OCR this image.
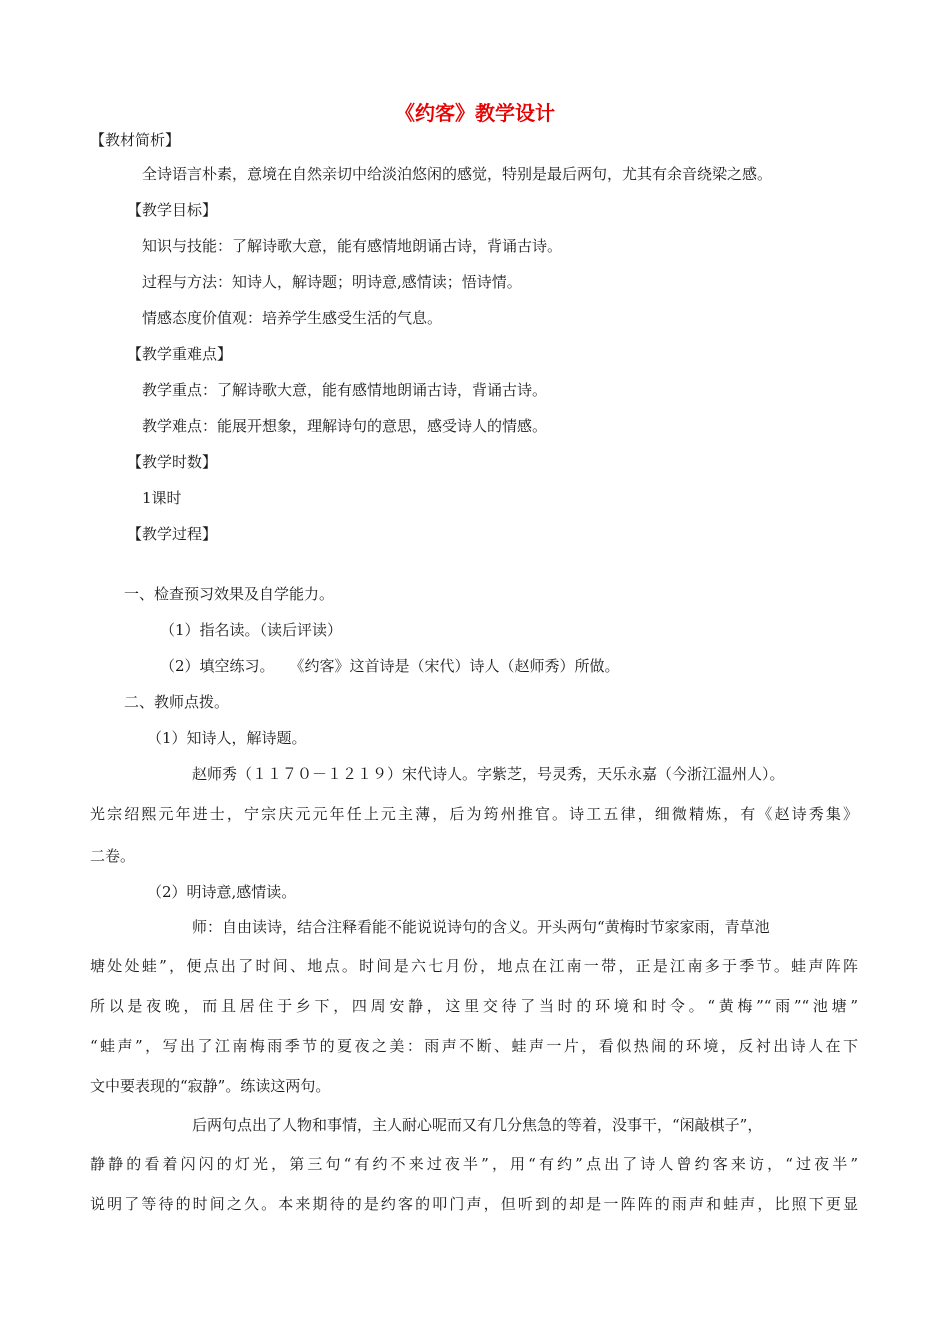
《约客》教学设计
【教材简析】
全诗语言朴素，意境在自然亲切中给淡泊悠闲的感觉，特别是最后两句，尤其有余音绕梁之感。
【教学目标】
知识与技能：了解诗歌大意，能有感情地朗诵古诗，背诵古诗。
过程与方法：知诗人，解诗题；明诗意,感情读；悟诗情。
情感态度价值观：培养学生感受生活的气息。
【教学重难点】
教学重点：了解诗歌大意，能有感情地朗诵古诗，背诵古诗。
教学难点：能展开想象，理解诗句的意思，感受诗人的情感。
【教学时数】
1课时
【教学过程】
一、检查预习效果及自学能力。
（1）指名读。（读后评读）
（2）填空练习。　　《约客》这首诗是（宋代）诗人（赵师秀）所做。
二、教师点拨。
（1）知诗人，解诗题。
赵师秀（１１７０－１２１９）宋代诗人。字紫芝，号灵秀，天乐永嘉（今浙江温州人）。
光宗绍熙元年进士，宁宗庆元元年任上元主薄，后为筠州推官。诗工五律，细微精炼，有《赵诗秀集》
二卷。
（2）明诗意,感情读。
师：自由读诗，结合注释看能不能说说诗句的含义。开头两句“黄梅时节家家雨，青草池
塘处处蛙”，便点出了时间、地点。时间是六七月份，地点在江南一带，正是江南多于季节。蛙声阵阵
所以是夜晚，而且居住于乡下，四周安静，这里交待了当时的环境和时令。“黄梅”“雨”“池塘”
“蛙声”，写出了江南梅雨季节的夏夜之美：雨声不断、蛙声一片，看似热闹的环境，反衬出诗人在下
文中要表现的“寂静”。练读这两句。
后两句点出了人物和事情，主人耐心呢而又有几分焦急的等着，没事干，“闲敲棋子”，
静静的看着闪闪的灯光，第三句“有约不来过夜半”，用“有约”点出了诗人曾约客来访，“过夜半”
说明了等待的时间之久。本来期待的是约客的叩门声，但听到的却是一阵阵的雨声和蛙声，比照下更显
